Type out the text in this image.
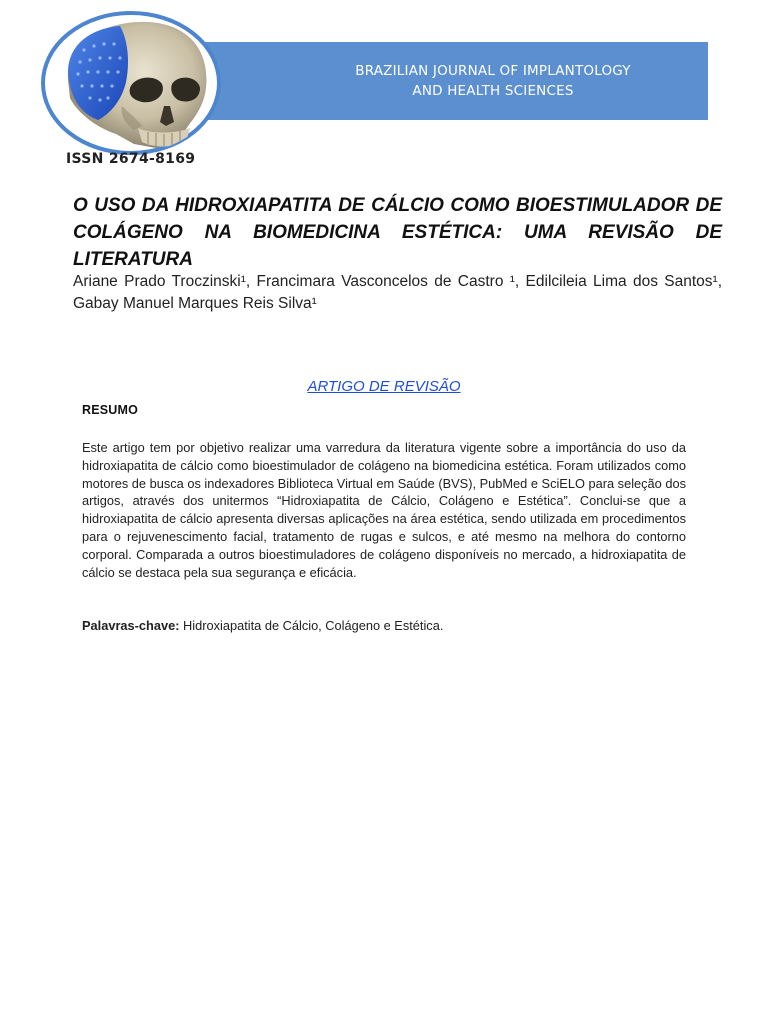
BRAZILIAN JOURNAL OF IMPLANTOLOGY
AND HEALTH SCIENCES
ISSN 2674-8169
O USO DA HIDROXIAPATITA DE CÁLCIO COMO BIOESTIMULADOR DE COLÁGENO NA BIOMEDICINA ESTÉTICA: UMA REVISÃO DE LITERATURA
Ariane Prado Troczinski¹, Francimara Vasconcelos de Castro ¹, Edilcileia Lima dos Santos¹, Gabay Manuel Marques Reis Silva¹
ARTIGO DE REVISÃO
RESUMO

Este artigo tem por objetivo realizar uma varredura da literatura vigente sobre a importância do uso da hidroxiapatita de cálcio como bioestimulador de colágeno na biomedicina estética. Foram utilizados como motores de busca os indexadores Biblioteca Virtual em Saúde (BVS), PubMed e SciELO para seleção dos artigos, através dos unitermos “Hidroxiapatita de Cálcio, Colágeno e Estética”. Conclui-se que a hidroxiapatita de cálcio apresenta diversas aplicações na área estética, sendo utilizada em procedimentos para o rejuvenescimento facial, tratamento de rugas e sulcos, e até mesmo na melhora do contorno corporal. Comparada a outros bioestimuladores de colágeno disponíveis no mercado, a hidroxiapatita de cálcio se destaca pela sua segurança e eficácia.

Palavras-chave: Hidroxiapatita de Cálcio, Colágeno e Estética.
